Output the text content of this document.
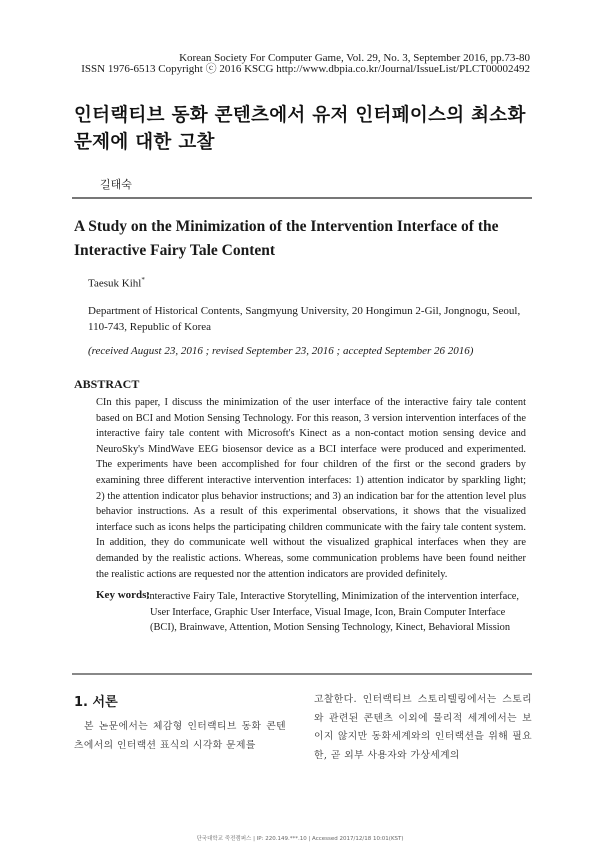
Korean Society For Computer Game, Vol. 29, No. 3, September 2016, pp.73-80
ISSN 1976-6513 Copyright ⓒ 2016 KSCG http://www.dbpia.co.kr/Journal/IssueList/PLCT00002492
인터랙티브 동화 콘텐츠에서 유저 인터페이스의 최소화 문제에 대한 고찰
길태숙
A Study on the Minimization of the Intervention Interface of the Interactive Fairy Tale Content
Taesuk Kihl*
Department of Historical Contents, Sangmyung University, 20 Hongimun 2-Gil, Jongnogu, Seoul, 110-743, Republic of Korea
(received August 23, 2016 ; revised September 23, 2016 ; accepted September 26 2016)
ABSTRACT
CIn this paper, I discuss the minimization of the user interface of the interactive fairy tale content based on BCI and Motion Sensing Technology. For this reason, 3 version intervention interfaces of the interactive fairy tale content with Microsoft's Kinect as a non-contact motion sensing device and NeuroSky's MindWave EEG biosensor device as a BCI interface were produced and experimented. The experiments have been accomplished for four children of the first or the second graders by examining three different interactive intervention interfaces: 1) attention indicator by sparkling light; 2) the attention indicator plus behavior instructions; and 3) an indication bar for the attention level plus behavior instructions. As a result of this experimental observations, it shows that the visualized interface such as icons helps the participating children communicate with the fairy tale content system. In addition, they do communicate well without the visualized graphical interfaces when they are demanded by the realistic actions. Whereas, some communication problems have been found neither the realistic actions are requested nor the attention indicators are provided definitely.
Key words:
Interactive Fairy Tale, Interactive Storytelling, Minimization of the intervention interface, User Interface, Graphic User Interface, Visual Image, Icon, Brain Computer Interface (BCI), Brainwave, Attention, Motion Sensing Technology, Kinect, Behavioral Mission
1. 서론
본 논문에서는 체감형 인터랙티브 동화 콘텐츠에서의 인터랙션 표식의 시각화 문제를
고찰한다. 인터랙티브 스토리텔링에서는 스토리와 관련된 콘텐츠 이외에 물리적 세계에서는 보이지 않지만 동화세계와의 인터랙션을 위해 필요한, 곧 외부 사용자와 가상세계의
단국대학교 죽전캠퍼스 | IP: 220.149.***.10 | Accessed 2017/12/18 10:01(KST)
